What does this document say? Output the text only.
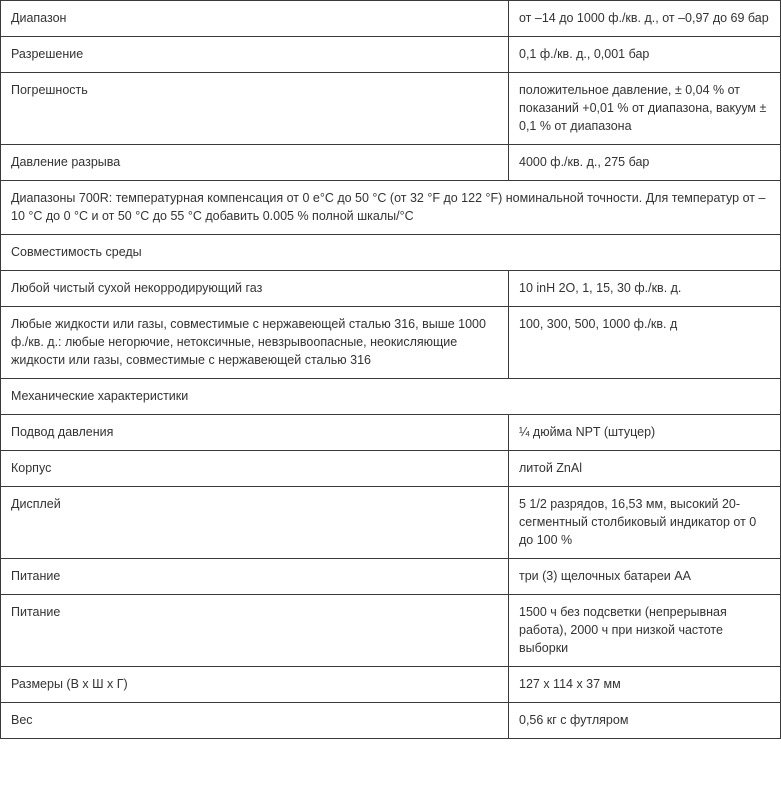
Диапазон	от –14 до 1000 ф./кв. д., от –0,97 до 69 бар
Разрешение	0,1 ф./кв. д., 0,001 бар
Погрешность	положительное давление, ± 0,04 % от показаний +0,01 % от диапазона, вакуум ± 0,1 % от диапазона
Давление разрыва	4000 ф./кв. д., 275 бар
Диапазоны 700R: температурная компенсация от 0 e°C до 50 °C (от 32 °F до 122 °F) номинальной точности. Для температур от –10 °C до 0 °C и от 50 °C до 55 °C добавить 0.005 % полной шкалы/°C	
Совместимость среды	
Любой чистый сухой некорродирующий газ	10 inH 2O, 1, 15, 30 ф./кв. д.
Любые жидкости или газы, совместимые с нержавеющей сталью 316, выше 1000 ф./кв. д.: любые негорючие, нетоксичные, невзрывоопасные, неокисляющие жидкости или газы, совместимые с нержавеющей сталью 316	100, 300, 500, 1000 ф./кв. д
Механические характеристики	
Подвод давления	¼ дюйма NPT (штуцер)
Корпус	литой ZnAl
Дисплей	5 1/2 разрядов, 16,53 мм, высокий 20-сегментный столбиковый индикатор от 0 до 100 %
Питание	три (3) щелочных батареи AA
Питание	1500 ч без подсветки (непрерывная работа), 2000 ч при низкой частоте выборки
Размеры (В x Ш x Г)	127 x 114 x 37 мм
Вес	0,56 кг с футляром
